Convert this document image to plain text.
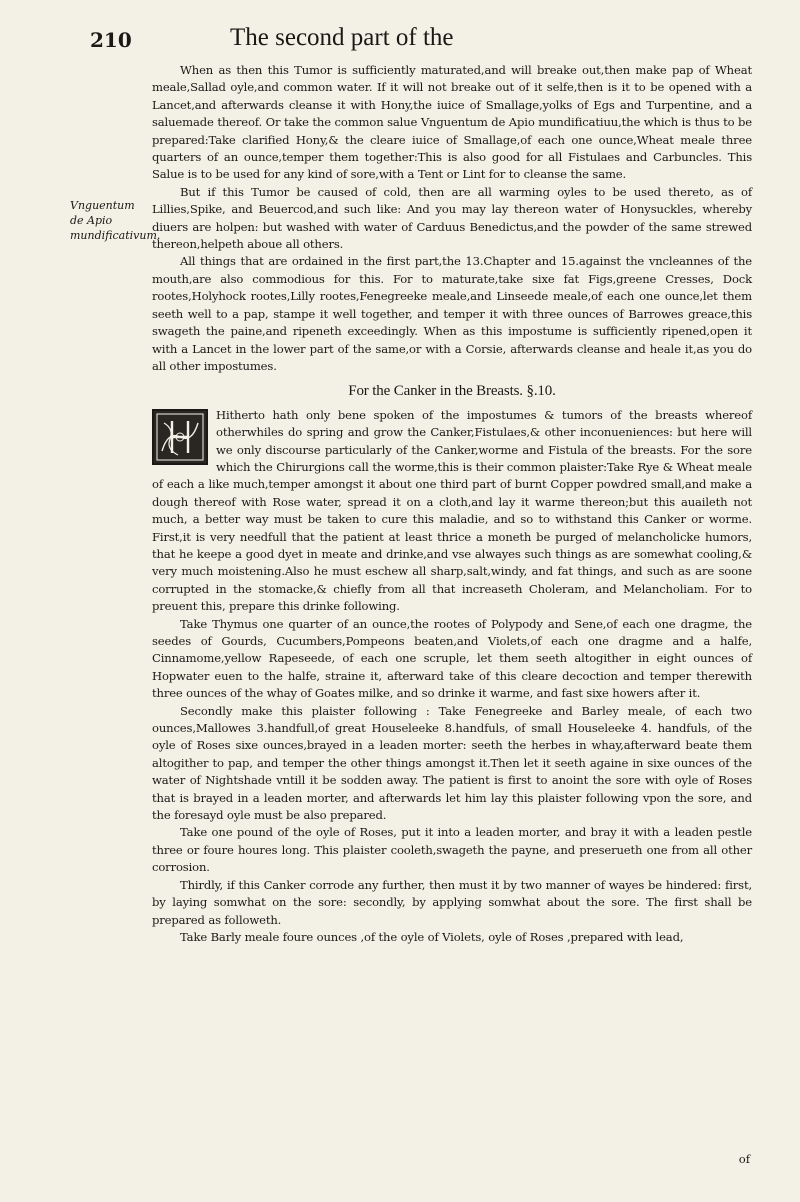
210	The second part of the
Vnguentum de Apio mundificativum.

When as then this Tumor is sufficiently maturated,and will breake out,then make pap of Wheat meale,Sallad oyle,and common water. If it will not breake out of it selfe,then is it to be opened with a Lancet,and afterwards cleanse it with Hony,the iuice of Smallage,yolks of Egs and Turpentine, and a saluemade thereof. Or take the common salue Vnguentum de Apio mundificatiuu,the which is thus to be prepared:Take clarified Hony,& the cleare iuice of Smallage,of each one ounce,Wheat meale three quarters of an ounce,temper them together:This is also good for all Fistulaes and Carbuncles. This Salue is to be used for any kind of sore,with a Tent or Lint for to cleanse the same.

But if this Tumor be caused of cold, then are all warming oyles to be used thereto, as of Lillies,Spike, and Beuercod,and such like: And you may lay thereon water of Honysuckles, whereby diuers are holpen: but washed with water of Carduus Benedictus,and the powder of the same strewed thereon,helpeth aboue all others.

All things that are ordained in the first part,the 13.Chapter and 15.against the vncleannes of the mouth,are also commodious for this. For to maturate,take sixe fat Figs,greene Cresses, Dock rootes,Holyhock rootes,Lilly rootes,Fenegreeke meale,and Linseede meale,of each one ounce,let them seeth well to a pap, stampe it well together, and temper it with three ounces of Barrowes greace,this swageth the paine,and ripeneth exceedingly. When as this impostume is sufficiently ripened,open it with a Lancet in the lower part of the same,or with a Corsie, afterwards cleanse and heale it,as you do all other impostumes.

For the Canker in the Breasts. §.10.

Hitherto hath only bene spoken of the impostumes & tumors of the breasts whereof otherwhiles do spring and grow the Canker,Fistulaes,& other inconueniences: but here will we only discourse particularly of the Canker,worme and Fistula of the breasts. For the sore which the Chirurgions call the worme,this is their common plaister:Take Rye & Wheat meale of each a like much,temper amongst it about one third part of burnt Copper powdred small,and make a dough thereof with Rose water, spread it on a cloth,and lay it warme thereon;but this auaileth not much, a better way must be taken to cure this maladie, and so to withstand this Canker or worme. First,it is very needfull that the patient at least thrice a moneth be purged of melancholicke humors, that he keepe a good dyet in meate and drinke,and vse alwayes such things as are somewhat cooling,& very much moistening.Also he must eschew all sharp,salt,windy, and fat things, and such as are soone corrupted in the stomacke,& chiefly from all that increaseth Choleram, and Melancholiam. For to preuent this, prepare this drinke following.

Take Thymus one quarter of an ounce,the rootes of Polypody and Sene,of each one dragme, the seedes of Gourds, Cucumbers,Pompeons beaten,and Violets,of each one dragme and a halfe, Cinnamome,yellow Rapeseede, of each one scruple, let them seeth altogither in eight ounces of Hopwater euen to the halfe, straine it, afterward take of this cleare decoction and temper therewith three ounces of the whay of Goates milke, and so drinke it warme, and fast sixe howers after it.

Secondly make this plaister following : Take Fenegreeke and Barley meale, of each two ounces,Mallowes 3.handfull,of great Houseleeke 8.handfuls, of small Houseleeke 4. handfuls, of the oyle of Roses sixe ounces,brayed in a leaden morter: seeth the herbes in whay,afterward beate them altogither to pap, and temper the other things amongst it.Then let it seeth againe in sixe ounces of the water of Nightshade vntill it be sodden away. The patient is first to anoint the sore with oyle of Roses that is brayed in a leaden morter, and afterwards let him lay this plaister following vpon the sore, and the foresayd oyle must be also prepared.

Take one pound of the oyle of Roses, put it into a leaden morter, and bray it with a leaden pestle three or foure houres long. This plaister cooleth,swageth the payne, and preserueth one from all other corrosion.

Thirdly, if this Canker corrode any further, then must it by two manner of wayes be hindered: first, by laying somwhat on the sore: secondly, by applying somwhat about the sore. The first shall be prepared as followeth.

Take Barly meale foure ounces ,of the oyle of Violets, oyle of Roses ,prepared with lead,

of
